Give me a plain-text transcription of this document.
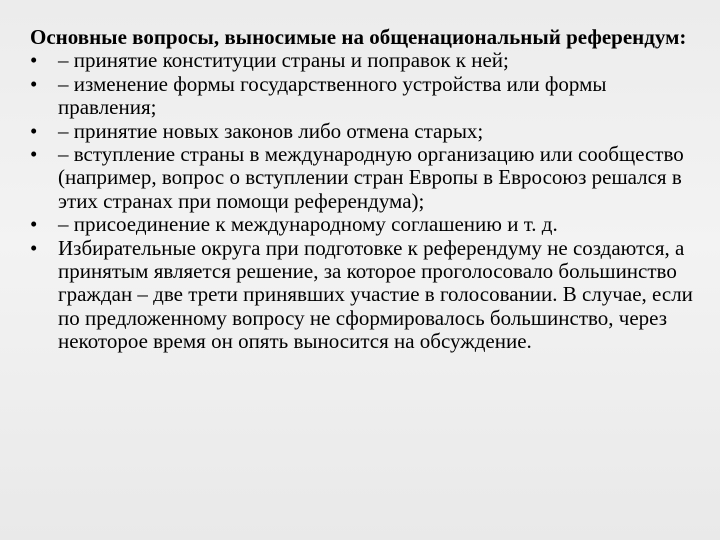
Основные вопросы, выносимые на общенациональный референдум:

• – принятие конституции страны и поправок к ней;
• – изменение формы государственного устройства или формы правления;
• – принятие новых законов либо отмена старых;
• – вступление страны в международную организацию или сообщество (например, вопрос о вступлении стран Европы в Евросоюз решался в этих странах при помощи референдума);
• – присоединение к международному соглашению и т. д.
• Избирательные округа при подготовке к референдуму не создаются, а принятым является решение, за которое проголосовало большинство граждан – две трети принявших участие в голосовании. В случае, если по предложенному вопросу не сформировалось большинство, через некоторое время он опять выносится на обсуждение.
